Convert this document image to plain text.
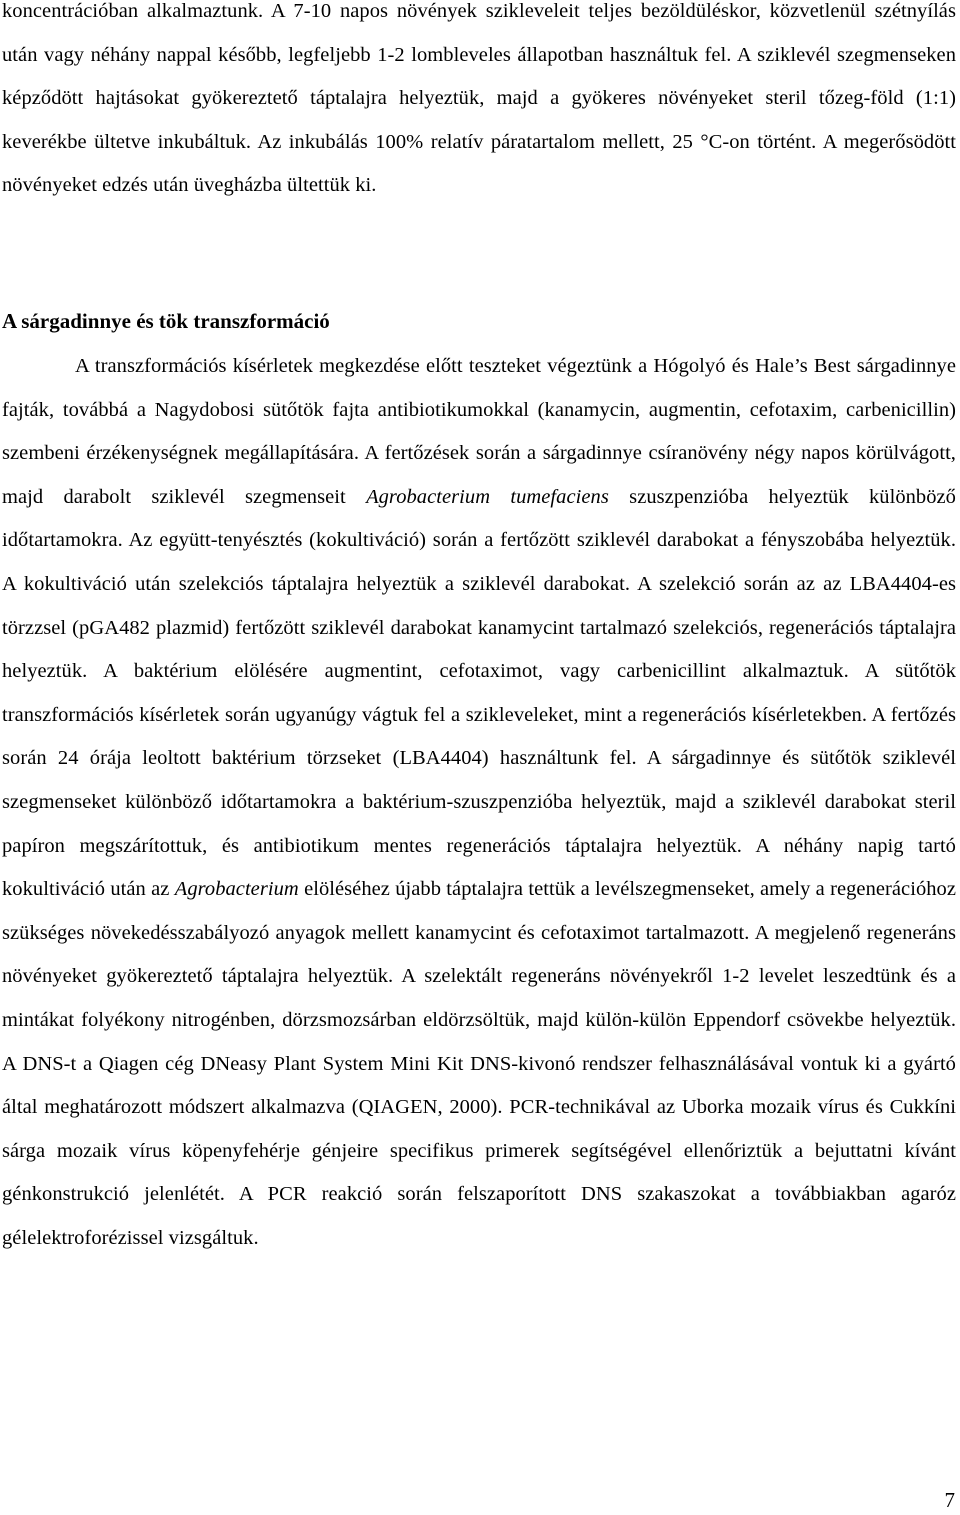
koncentrációban alkalmaztunk. A 7-10 napos növények szikleveleit teljes bezöldüléskor, közvetlenül szétnyílás után vagy néhány nappal később, legfeljebb 1-2 lombleveles állapotban használtuk fel. A sziklevél szegmenseken képződött hajtásokat gyökereztető táptalajra helyeztük, majd a gyökeres növényeket steril tőzeg-föld (1:1) keverékbe ültetve inkubáltuk. Az inkubálás 100% relatív páratartalom mellett, 25 °C-on történt. A megerősödött növényeket edzés után üvegházba ültettük ki.
A sárgadinnye és tök transzformáció
A transzformációs kísérletek megkezdése előtt teszteket végeztünk a Hógolyó és Hale’s Best sárgadinnye fajták, továbbá a Nagydobosi sütőtök fajta antibiotikumokkal (kanamycin, augmentin, cefotaxim, carbenicillin) szembeni érzékenységnek megállapítására. A fertőzések során a sárgadinnye csíranövény négy napos körülvágott, majd darabolt sziklevél szegmenseit Agrobacterium tumefaciens szuszpenzióba helyeztük különböző időtartamokra. Az együtt-tenyésztés (kokultiváció) során a fertőzött sziklevél darabokat a fényszobába helyeztük. A kokultiváció után szelekciós táptalajra helyeztük a sziklevél darabokat. A szelekció során az az LBA4404-es törzzsel (pGA482 plazmid) fertőzött sziklevél darabokat kanamycint tartalmazó szelekciós, regenerációs táptalajra helyeztük. A baktérium elölésére augmentint, cefotaximot, vagy carbenicillint alkalmaztuk. A sütőtök transzformációs kísérletek során ugyanúgy vágtuk fel a szikleveleket, mint a regenerációs kísérletekben. A fertőzés során 24 órája leoltott baktérium törzseket (LBA4404) használtunk fel. A sárgadinnye és sütőtök sziklevél szegmenseket különböző időtartamokra a baktérium-szuszpenzióba helyeztük, majd a sziklevél darabokat steril papíron megszárítottuk, és antibiotikum mentes regenerációs táptalajra helyeztük. A néhány napig tartó kokultiváció után az Agrobacterium elöléséhez újabb táptalajra tettük a levélszegmenseket, amely a regenerációhoz szükséges növekedésszabályozó anyagok mellett kanamycint és cefotaximot tartalmazott. A megjelenő regeneráns növényeket gyökereztető táptalajra helyeztük. A szelektált regeneráns növényekről 1-2 levelet leszedtünk és a mintákat folyékony nitrogénben, dörzsmozsárban eldörzsöltük, majd külön-külön Eppendorf csövekbe helyeztük. A DNS-t a Qiagen cég DNeasy Plant System Mini Kit DNS-kivonó rendszer felhasználásával vontuk ki a gyártó által meghatározott módszert alkalmazva (QIAGEN, 2000). PCR-technikával az Uborka mozaik vírus és Cukkíni sárga mozaik vírus köpenyfehérje génjeire specifikus primerek segítségével ellenőriztük a bejuttatni kívánt génkonstrukció jelenlétét. A PCR reakció során felszaporított DNS szakaszokat a továbbiakban agaróz gélelektroforézissel vizsgáltuk.
7
